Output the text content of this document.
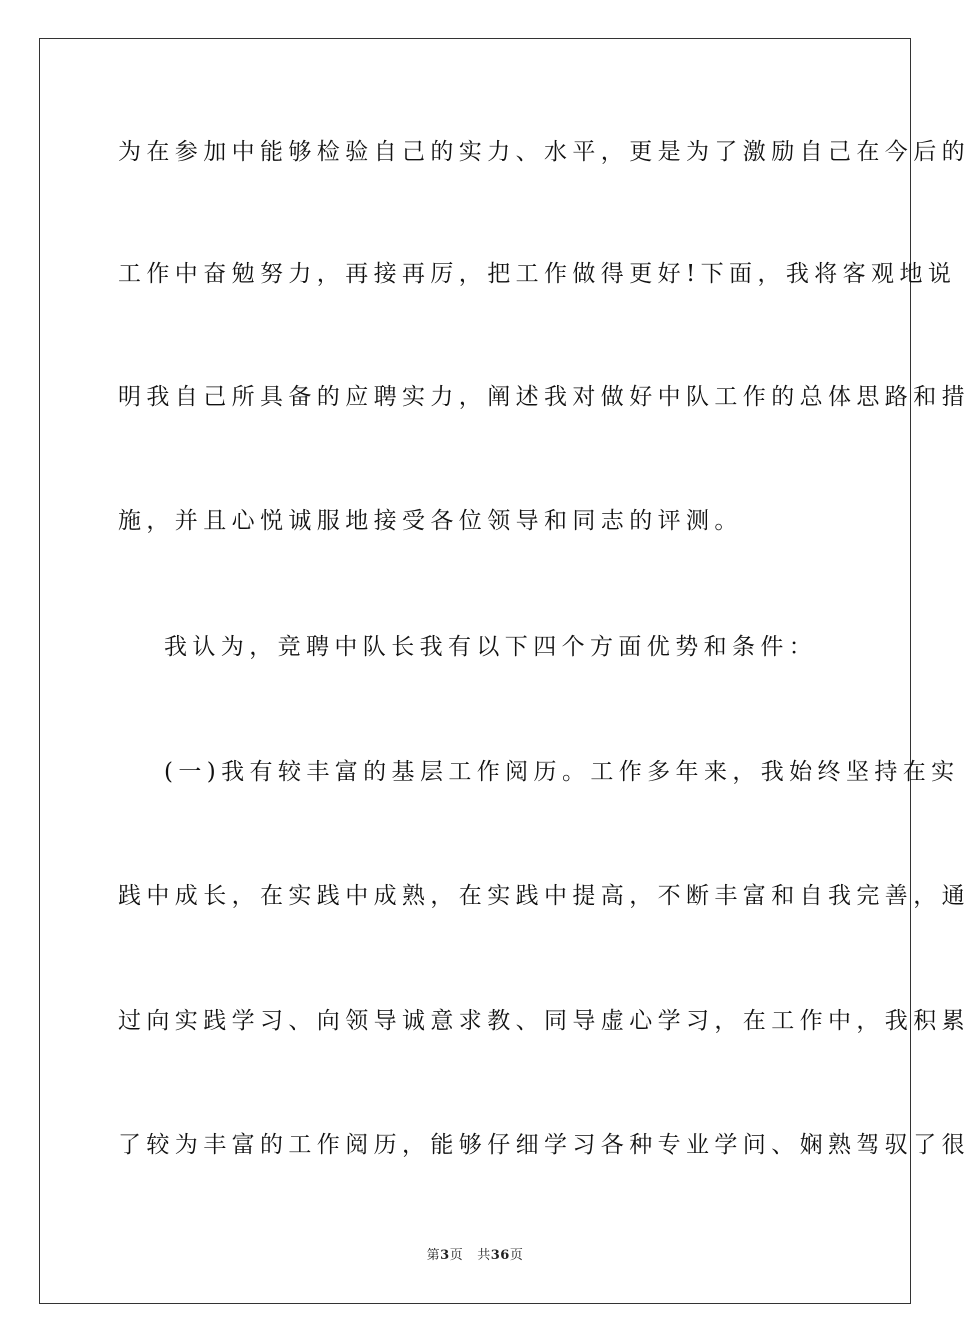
为在参加中能够检验自己的实力、水平，更是为了激励自己在今后的
工作中奋勉努力，再接再厉，把工作做得更好!下面，我将客观地说
明我自己所具备的应聘实力，阐述我对做好中队工作的总体思路和措
施，并且心悦诚服地接受各位领导和同志的评测。
我认为，竞聘中队长我有以下四个方面优势和条件：
(一)我有较丰富的基层工作阅历。工作多年来，我始终坚持在实
践中成长，在实践中成熟，在实践中提高，不断丰富和自我完善，通
过向实践学习、向领导诚意求教、同导虚心学习，在工作中，我积累
了较为丰富的工作阅历，能够仔细学习各种专业学问、娴熟驾驭了很
第3页 共36页
